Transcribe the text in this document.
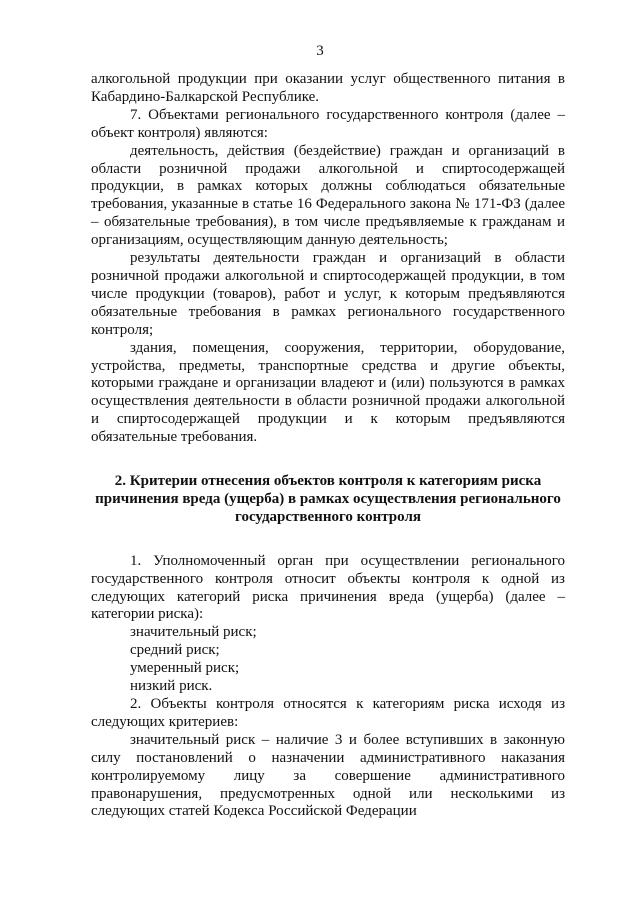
3

алкогольной продукции при оказании услуг общественного питания в Кабардино-Балкарской Республике.

7. Объектами регионального государственного контроля (далее – объект контроля) являются:

деятельность, действия (бездействие) граждан и организаций в области розничной продажи алкогольной и спиртосодержащей продукции, в рамках которых должны соблюдаться обязательные требования, указанные в статье 16 Федерального закона № 171-ФЗ (далее – обязательные требования), в том числе предъявляемые к гражданам и организациям, осуществляющим данную деятельность;

результаты деятельности граждан и организаций в области розничной продажи алкогольной и спиртосодержащей продукции, в том числе продукции (товаров), работ и услуг, к которым предъявляются обязательные требования в рамках регионального государственного контроля;

здания, помещения, сооружения, территории, оборудование, устройства, предметы, транспортные средства и другие объекты, которыми граждане и организации владеют и (или) пользуются в рамках осуществления деятельности в области розничной продажи алкогольной и спиртосодержащей продукции и к которым предъявляются обязательные требования.

2. Критерии отнесения объектов контроля к категориям риска причинения вреда (ущерба) в рамках осуществления регионального государственного контроля

1. Уполномоченный орган при осуществлении регионального государственного контроля относит объекты контроля к одной из следующих категорий риска причинения вреда (ущерба) (далее – категории риска):

значительный риск;

средний риск;

умеренный риск;

низкий риск.

2. Объекты контроля относятся к категориям риска исходя из следующих критериев:

значительный риск – наличие 3 и более вступивших в законную силу постановлений о назначении административного наказания контролируемому лицу за совершение административного правонарушения, предусмотренных одной или несколькими из следующих статей Кодекса Российской Федерации
